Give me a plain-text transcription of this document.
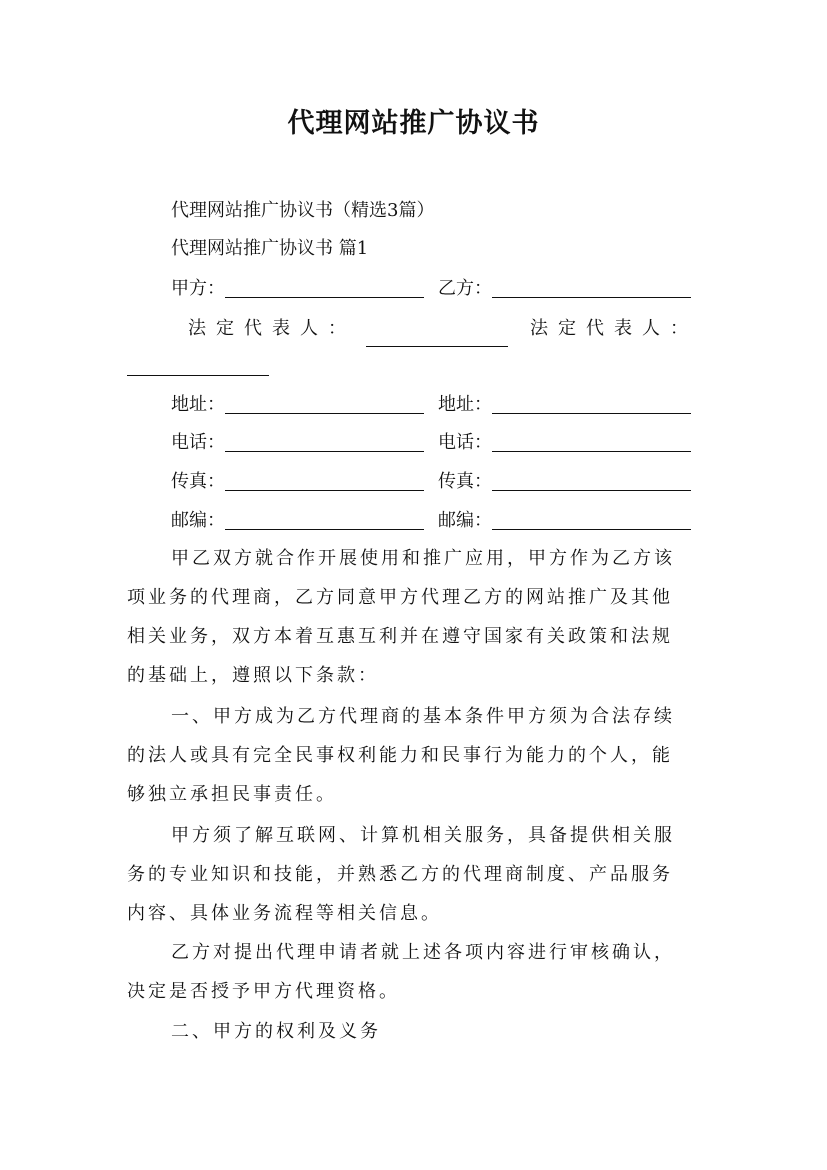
代理网站推广协议书
代理网站推广协议书（精选3篇）
代理网站推广协议书 篇1
甲方：	乙方：
法定代表人：	法定代表人：
地址：	地址：
电话：	电话：
传真：	传真：
邮编：	邮编：
甲乙双方就合作开展使用和推广应用，甲方作为乙方该
项业务的代理商，乙方同意甲方代理乙方的网站推广及其他
相关业务，双方本着互惠互利并在遵守国家有关政策和法规
的基础上，遵照以下条款：
一、甲方成为乙方代理商的基本条件甲方须为合法存续
的法人或具有完全民事权利能力和民事行为能力的个人，能
够独立承担民事责任。
甲方须了解互联网、计算机相关服务，具备提供相关服
务的专业知识和技能，并熟悉乙方的代理商制度、产品服务
内容、具体业务流程等相关信息。
乙方对提出代理申请者就上述各项内容进行审核确认，
决定是否授予甲方代理资格。
二、甲方的权利及义务
